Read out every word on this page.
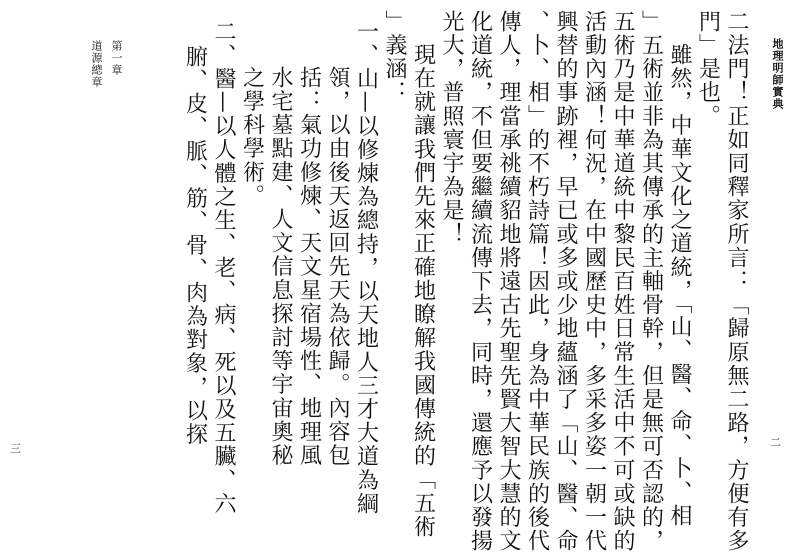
地理明師實典
第一章
道源總章
二
三	二法門！正如同釋家所言：「歸原無二路，方便有多

門」是也。

雖然，中華文化之道統，「山、醫、命、卜、相

」五術並非為其傳承的主軸骨幹，但是無可否認的，

五術乃是中華道統中黎民百姓日常生活中不可或缺的

活動內涵！何況，在中國歷史中，多采多姿一朝一代

興替的事跡裡，早已或多或少地蘊涵了「山、醫、命

、卜、相」的不朽詩篇！因此，身為中華民族的後代

傳人，理當承祧續貂地將遠古先聖先賢大智大慧的文

化道統，不但要繼續流傳下去，同時，還應予以發揚

光大，普照寰宇為是！

現在就讓我們先來正確地瞭解我國傳統的「五術

」義涵：

一、山—以修煉為總持，以天地人三才大道為綱

領，以由後天返回先天為依歸。內容包

括：氣功修煉、天文星宿場性、地理風

水宅墓點建、人文信息探討等宇宙奧秘

之學科學術。

二、醫—以人體之生、老、病、死以及五臟、六

腑、皮、脈、筋、骨、肉為對象，以探
